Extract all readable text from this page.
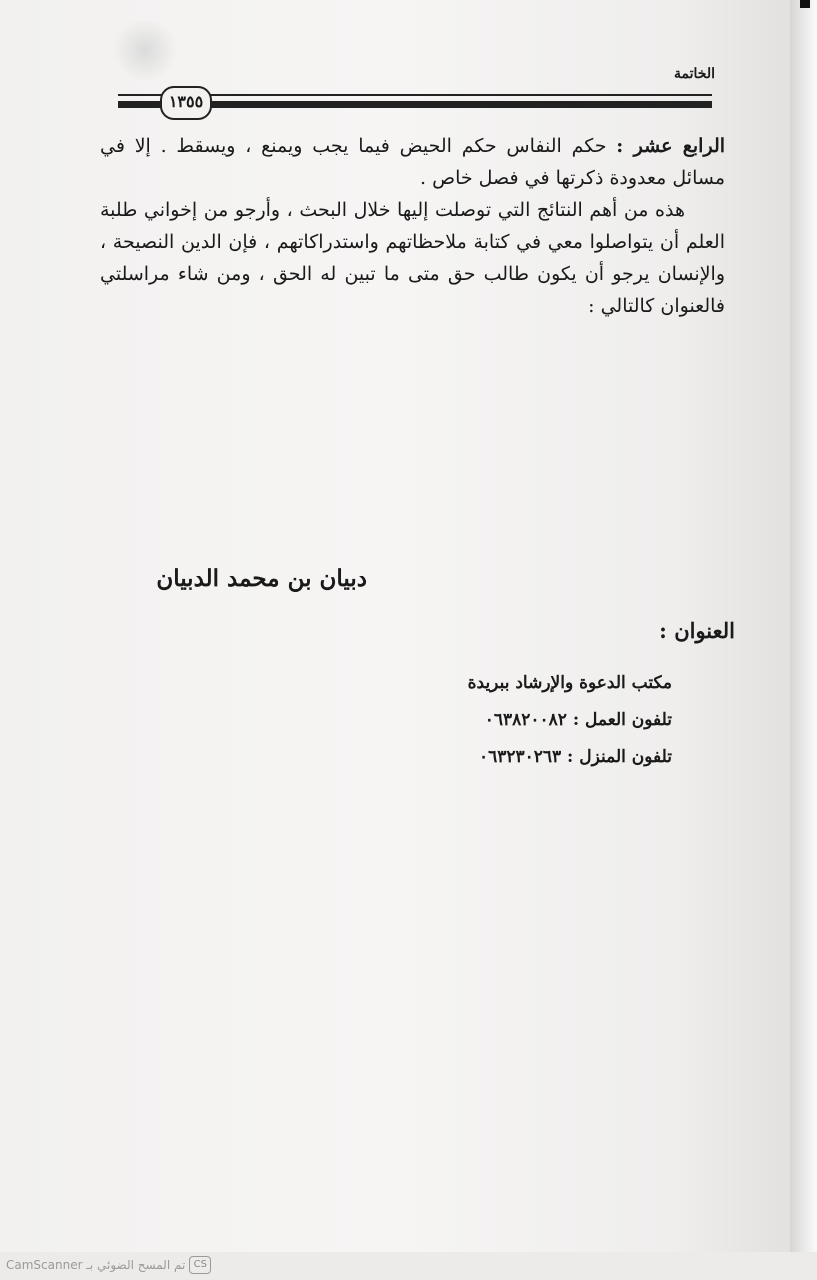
الخاتمة
١٣٥٥

الرابع عشر : حكم النفاس حكم الحيض فيما يجب ويمنع ، ويسقط . إلا في مسائل معدودة ذكرتها في فصل خاص .

هذه من أهم النتائج التي توصلت إليها خلال البحث ، وأرجو من إخواني طلبة العلم أن يتواصلوا معي في كتابة ملاحظاتهم واستدراكاتهم ، فإن الدين النصيحة ، والإنسان يرجو أن يكون طالب حق متى ما تبين له الحق ، ومن شاء مراسلتي فالعنوان كالتالي :

دبيان بن محمد الدبيان
العنوان :
مكتب الدعوة والإرشاد ببريدة
تلفون العمل : ٠٦٣٨٢٠٠٨٢
تلفون المنزل : ٠٦٣٢٣٠٢٦٣
CS
تم المسح الضوئي بـ CamScanner
